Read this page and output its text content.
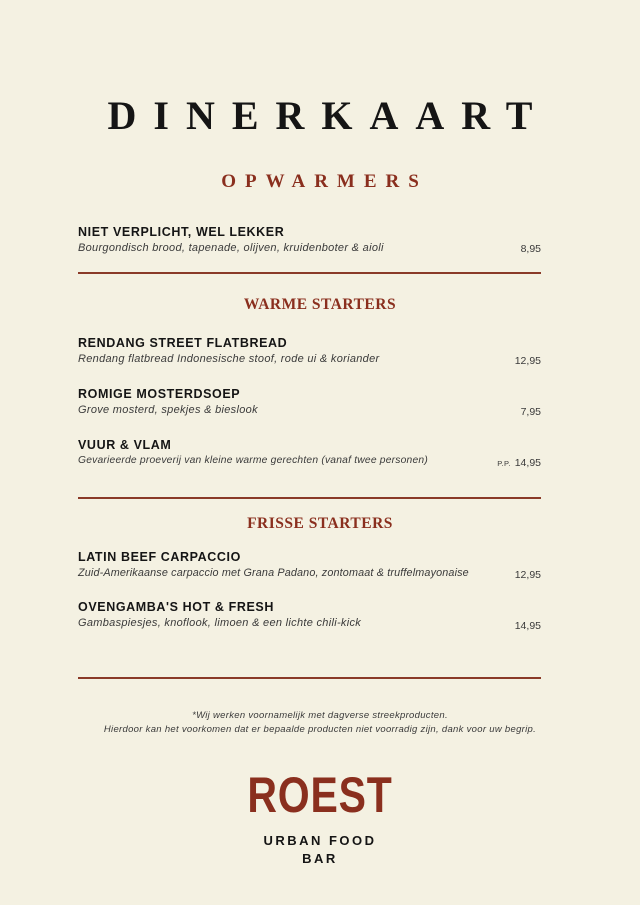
DINERKAART
OPWARMERS
NIET VERPLICHT, WEL LEKKER
Bourgondisch brood, tapenade, olijven, kruidenboter & aioli	8,95
WARME STARTERS
RENDANG STREET FLATBREAD
Rendang flatbread Indonesische stoof, rode ui & koriander	12,95
ROMIGE MOSTERDSOEP
Grove mosterd, spekjes & bieslook	7,95
VUUR & VLAM
Gevarieerde proeverij van kleine warme gerechten (vanaf twee personen)	P.P. 14,95
FRISSE STARTERS
LATIN BEEF CARPACCIO
Zuid-Amerikaanse carpaccio met Grana Padano, zontomaat & truffelmayonaise	12,95
OVENGAMBA'S HOT & FRESH
Gambaspiesjes, knoflook, limoen & een lichte chili-kick	14,95
*Wij werken voornamelijk met dagverse streekproducten.
Hierdoor kan het voorkomen dat er bepaalde producten niet voorradig zijn, dank voor uw begrip.
ROEST
URBAN FOOD
BAR
